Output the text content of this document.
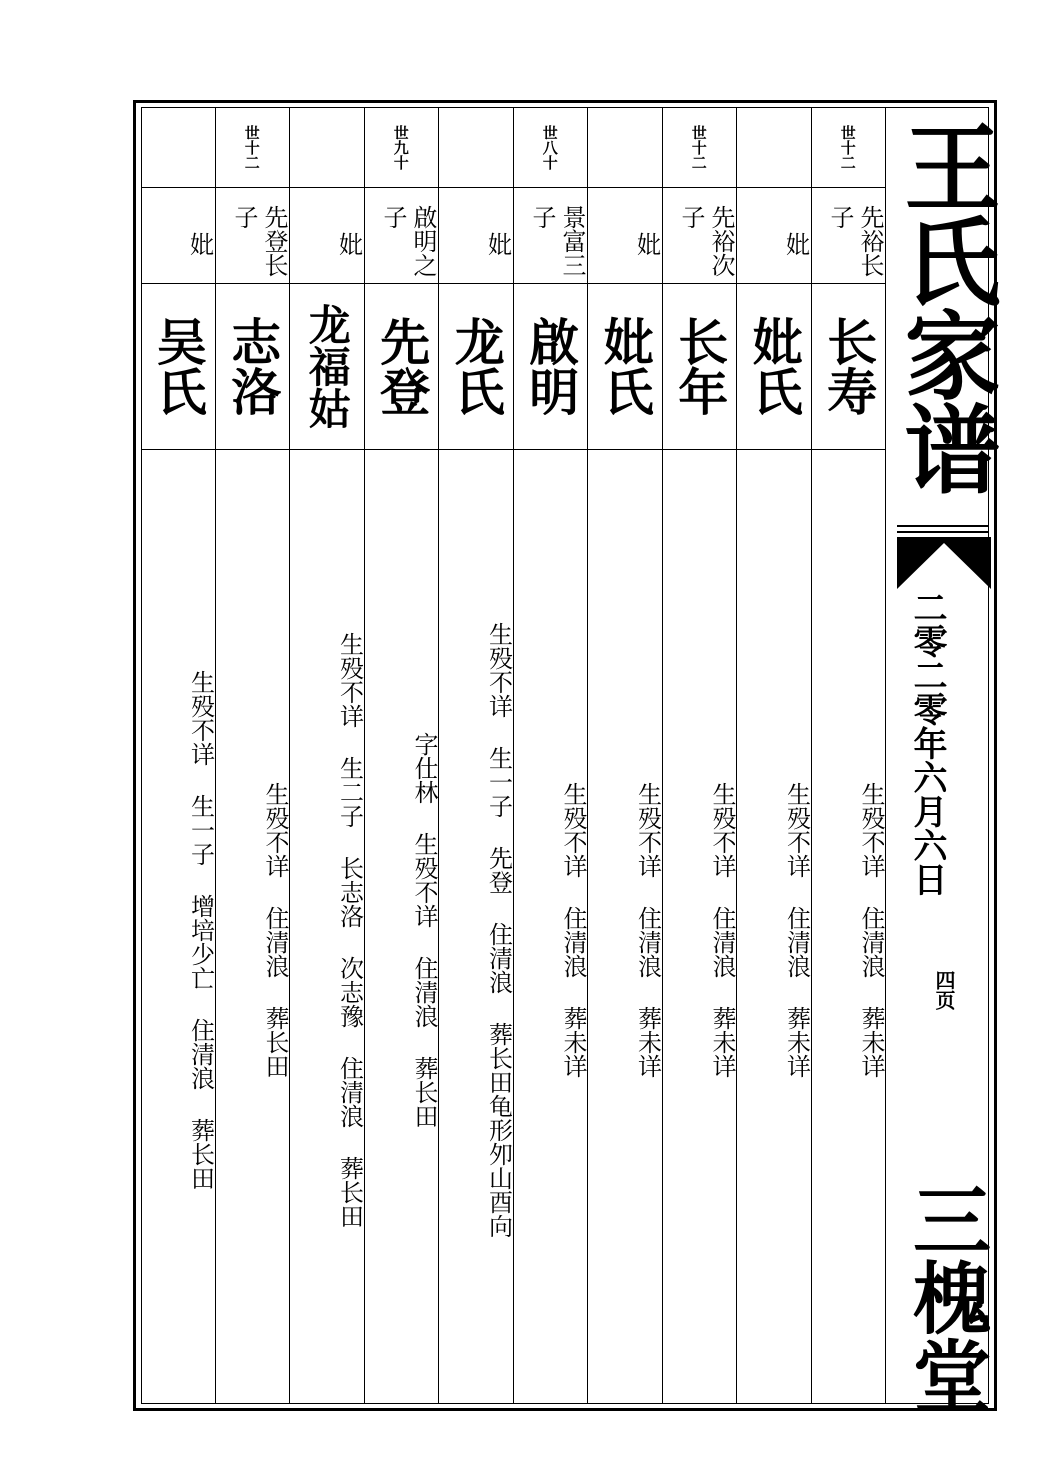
世十二
先裕长子
长寿
生殁不详
住清浪
葬未详
妣
妣氏
生殁不详
住清浪
葬未详
世十二
先裕次子
长年
生殁不详
住清浪
葬未详
妣
妣氏
生殁不详
住清浪
葬未详
世八十
景富三子
啟明
生殁不详
住清浪
葬未详
妣
龙氏
生殁不详
生一子
先登
住清浪
葬长田龟形夘山酉向
世九十
啟明之子
先登
字仕林
生殁不详
住清浪
葬长田
妣
龙福姑
生殁不详
生二子
长志洛
次志豫
住清浪
葬长田
世十二
先登长子
志洛
生殁不详
住清浪
葬长田
妣
吴氏
生殁不详
生一子
增培少亡
住清浪
葬长田
王氏家谱
二零二零年六月六日
四页
三槐堂
